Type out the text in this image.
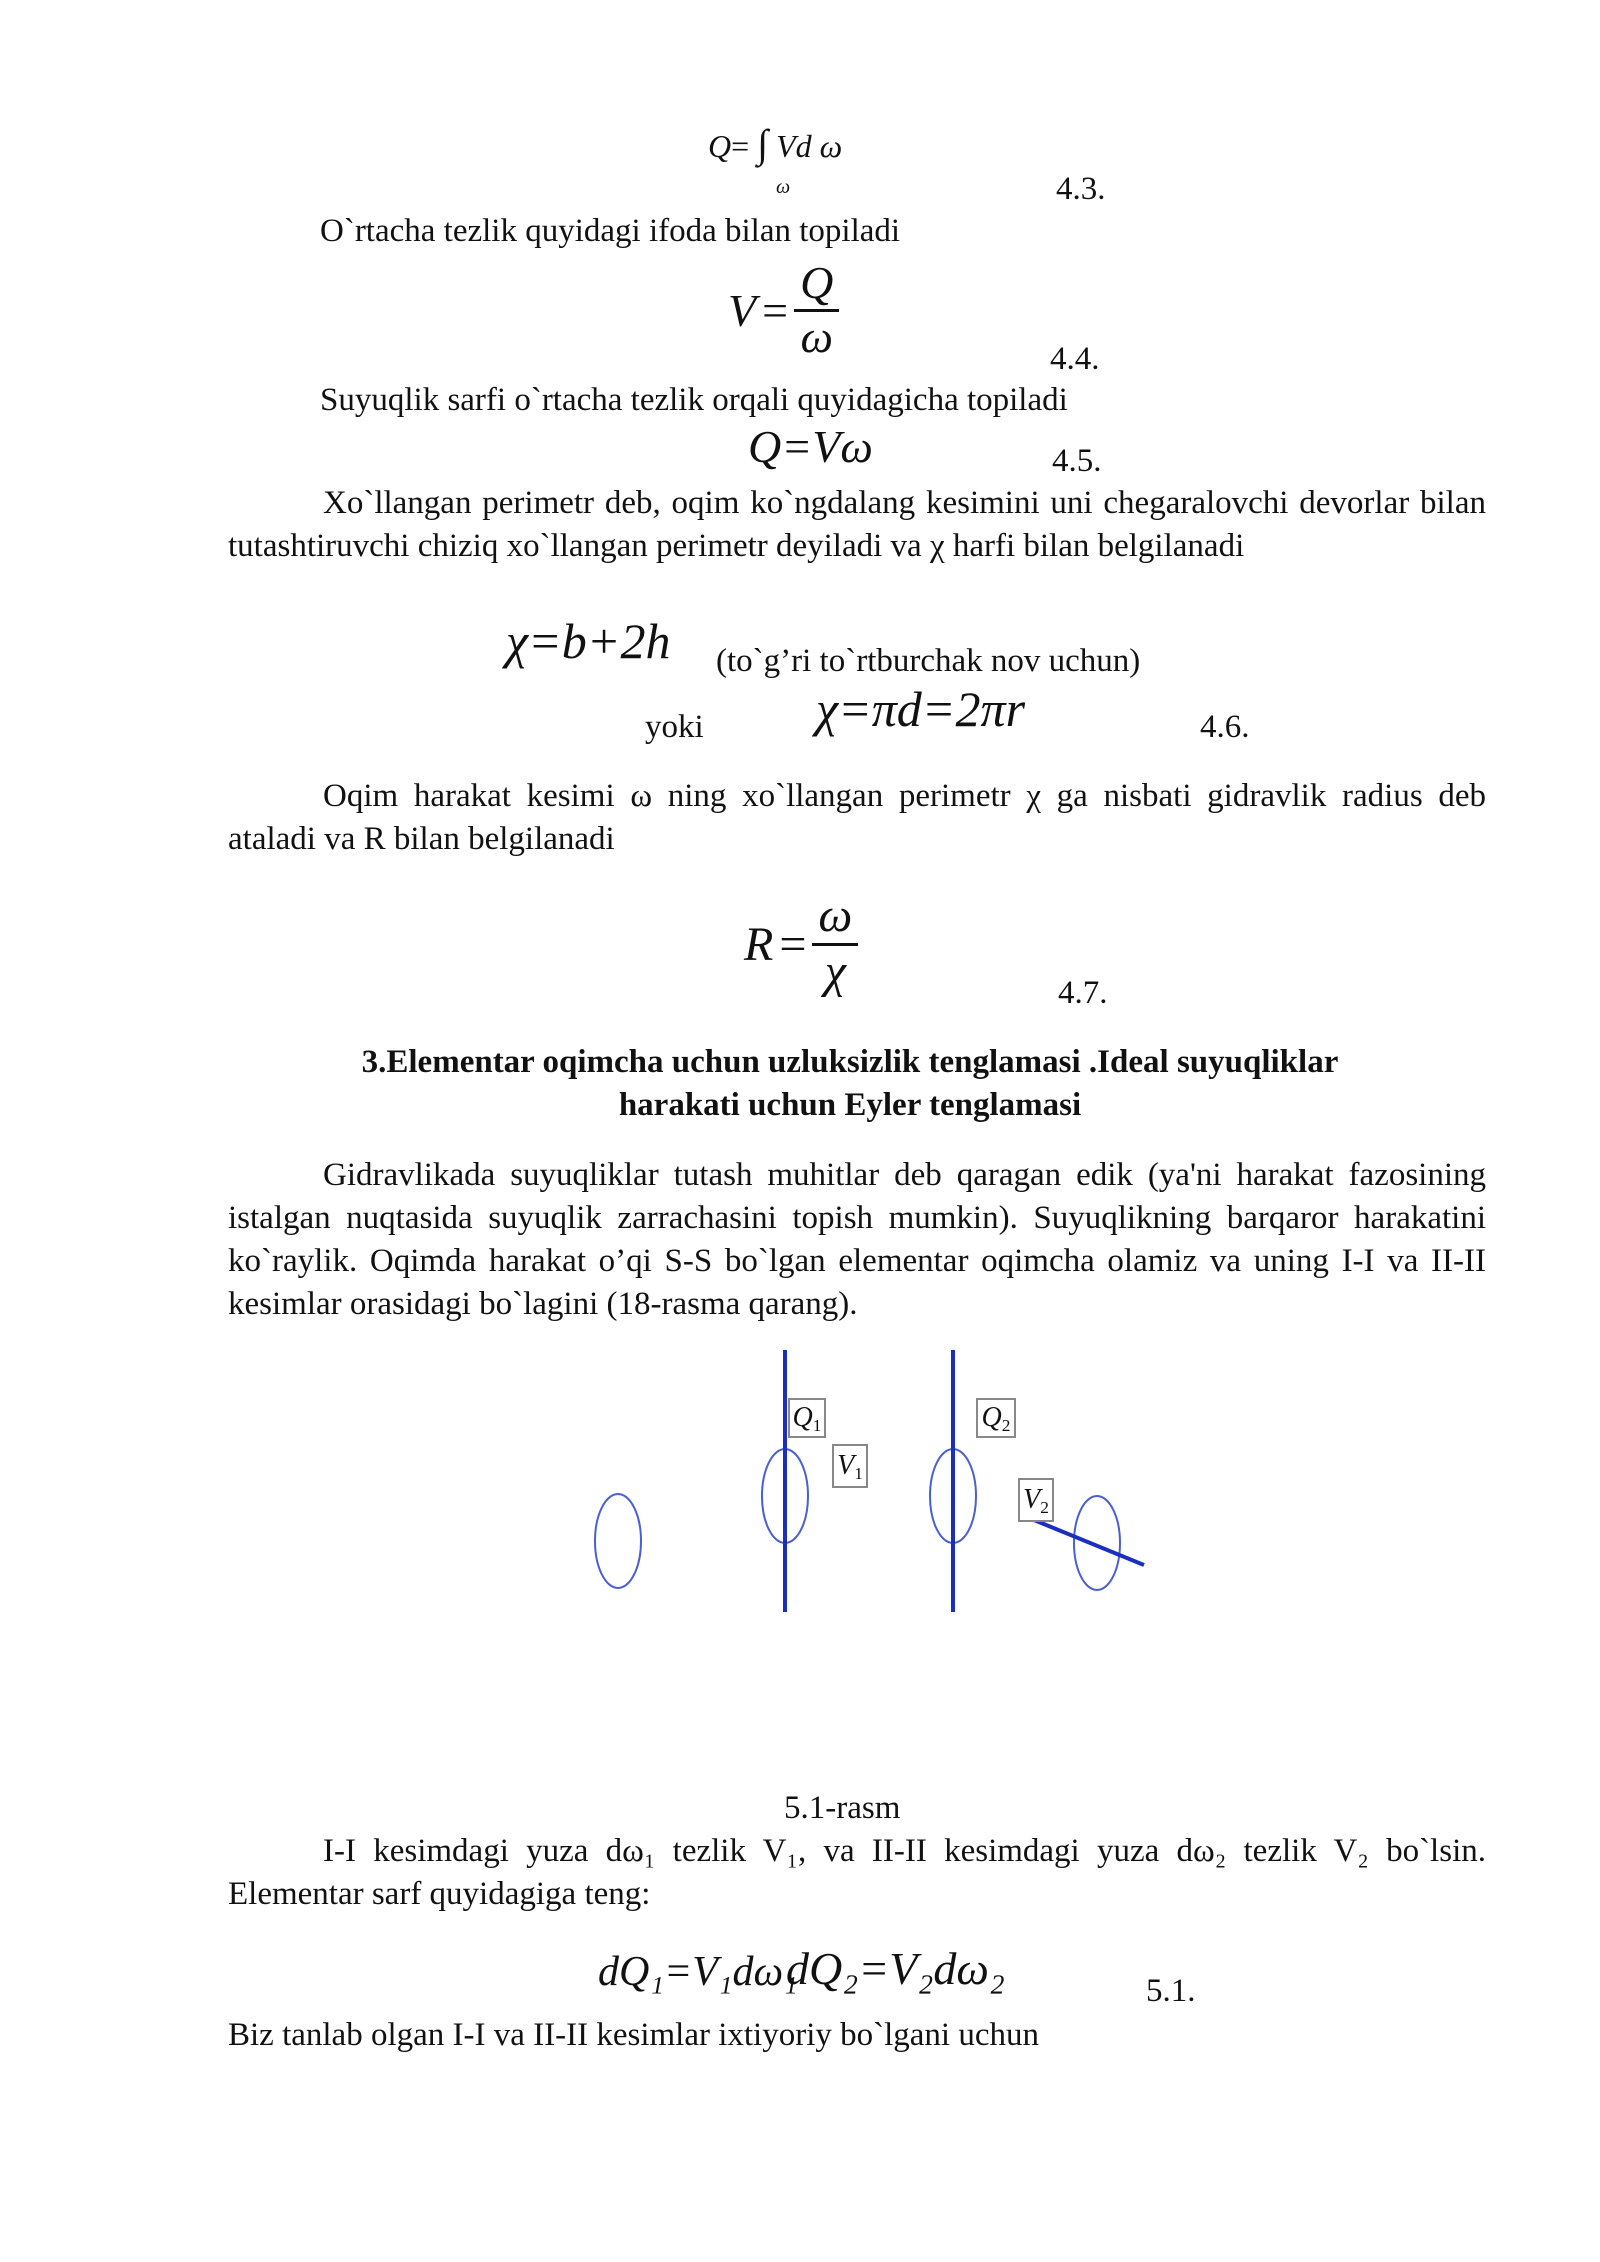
Q= ∫ Vd ω
ω	4.3.
O`rtacha tezlik quyidagi ifoda bilan topiladi
$V = \frac{Q}{\omega}$	4.4.
Suyuqlik sarfi o`rtacha tezlik orqali quyidagicha topiladi
Q=Vω	4.5.
Xo`llangan perimetr deb, oqim ko`ngdalang kesimini uni chegaralovchi devorlar bilan tutashtiruvchi chiziq xo`llangan perimetr deyiladi va χ harfi bilan belgilanadi
χ=b+2h (to`g’ri to`rtburchak nov uchun)
yoki χ=πd=2πr	4.6.
Oqim harakat kesimi ω ning xo`llangan perimetr χ ga nisbati gidravlik radius deb ataladi va R bilan belgilanadi
$R = \frac{\omega}{\chi}$	4.7.
3.Elementar oqimcha uchun uzluksizlik tenglamasi .Ideal suyuqliklar
harakati uchun Eyler tenglamasi
Gidravlikada suyuqliklar tutash muhitlar deb qaragan edik (ya'ni harakat fazosining istalgan nuqtasida suyuqlik zarrachasini topish mumkin). Suyuqlikning barqaror harakatini ko`raylik. Oqimda harakat o’qi S-S bo`lgan elementar oqimcha olamiz va uning I-I va II-II kesimlar orasidagi bo`lagini (18-rasma qarang).
$Q_1$
$V_1$
$Q_2$
$V_2$
5.1-rasm
I-I kesimdagi yuza dω₁ tezlik V₁, va II-II kesimdagi yuza dω₂ tezlik V₂ bo`lsin. Elementar sarf quyidagiga teng:
dQ₁=V₁dω₁
dQ₂=V₂dω₂	5.1.
Biz tanlab olgan I-I va II-II kesimlar ixtiyoriy bo`lgani uchun
